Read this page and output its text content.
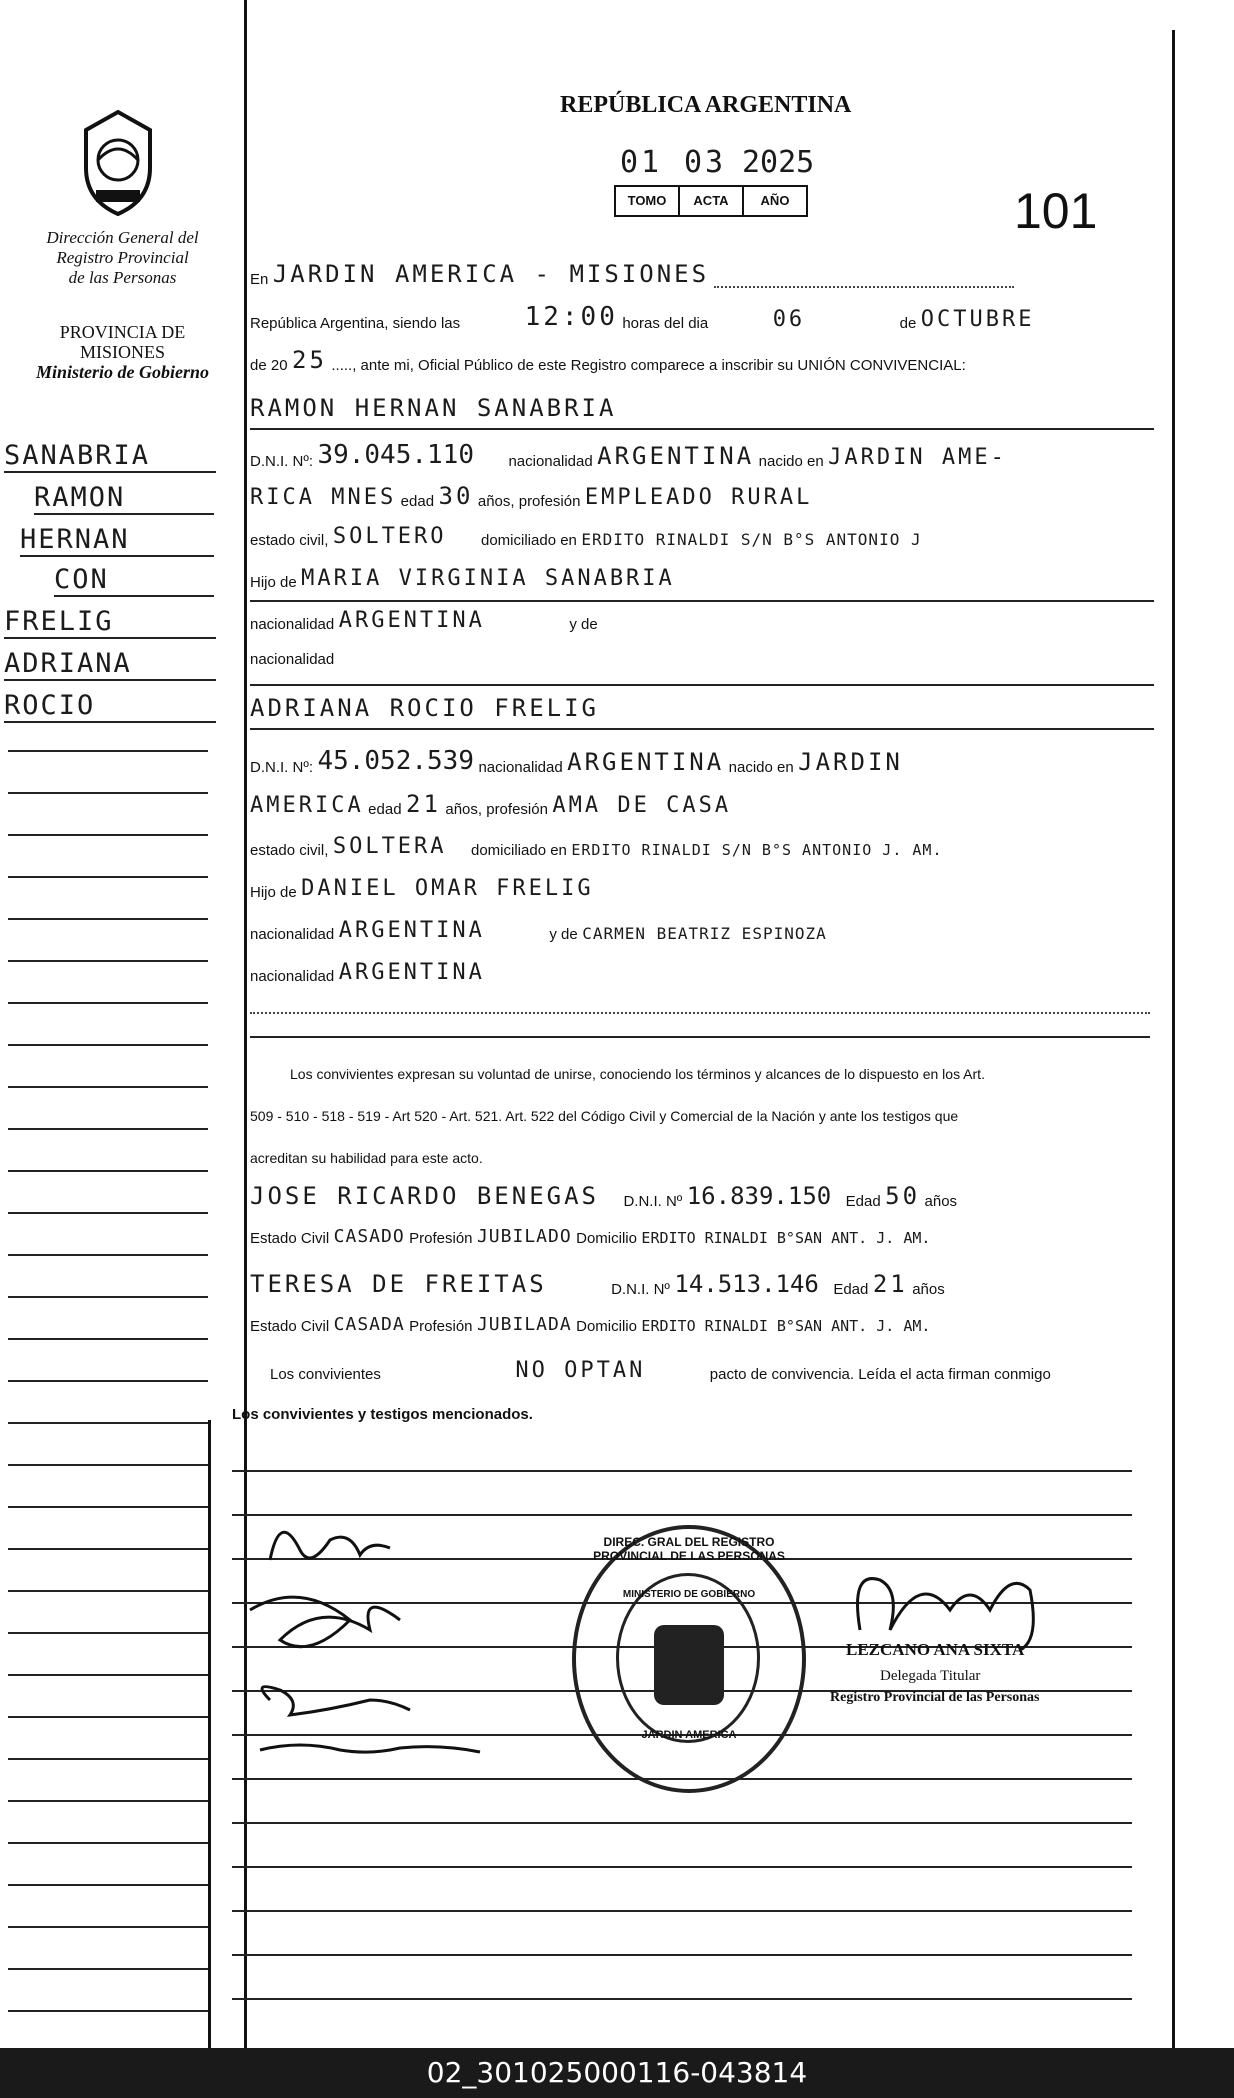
Dirección General del
Registro Provincial
de las Personas
PROVINCIA DE
MISIONES
Ministerio de Gobierno
SANABRIA
RAMON
HERNAN
CON
FRELIG
ADRIANA
ROCIO
REPÚBLICA ARGENTINA
01 03 2025
TOMO	ACTA	AÑO	101
En JARDIN AMERICA - MISIONES
República Argentina, siendo las 12:00 horas del dia	06	de OCTUBRE
de 20 25 ....., ante mi, Oficial Público de este Registro comparece a inscribir su UNIÓN CONVIVENCIAL:
RAMON HERNAN SANABRIA
D.N.I. Nº: 39.045.110 nacionalidad ARGENTINA nacido en JARDIN AME-
RICA MNES edad 30 años, profesión EMPLEADO RURAL
estado civil, SOLTERO domiciliado en ERDITO RINALDI S/N B°S ANTONIO J
Hijo de MARIA VIRGINIA SANABRIA
nacionalidad ARGENTINA	y de
nacionalidad
ADRIANA ROCIO FRELIG
D.N.I. Nº: 45.052.539 nacionalidad ARGENTINA nacido en JARDIN
AMERICA edad 21 años, profesión AMA DE CASA
estado civil, SOLTERA domiciliado en ERDITO RINALDI S/N B°S ANTONIO J. AM.
Hijo de DANIEL OMAR FRELIG
nacionalidad ARGENTINA	y de CARMEN BEATRIZ ESPINOZA
nacionalidad ARGENTINA
Los convivientes expresan su voluntad de unirse, conociendo los términos y alcances de lo dispuesto en los Art.
509 - 510 - 518 - 519 - Art 520 - Art. 521. Art. 522 del Código Civil y Comercial de la Nación y ante los testigos que
acreditan su habilidad para este acto.
JOSE RICARDO BENEGAS D.N.I. Nº 16.839.150 Edad 50 años
Estado Civil CASADO Profesión JUBILADO Domicilio ERDITO RINALDI B°SAN ANT. J. AM.
TERESA DE FREITAS	D.N.I. Nº 14.513.146 Edad 21 años
Estado Civil CASADA Profesión JUBILADA Domicilio ERDITO RINALDI B°SAN ANT. J. AM.
Los convivientes	NO OPTAN	pacto de convivencia. Leída el acta firman conmigo
Los convivientes y testigos mencionados.
DIREC. GRAL DEL REGISTRO PROVINCIAL DE LAS PERSONAS
MINISTERIO DE GOBIERNO
JARDIN AMERICA
LEZCANO ANA SIXTA
Delegada Titular
Registro Provincial de las Personas
02_301025000116-043814
